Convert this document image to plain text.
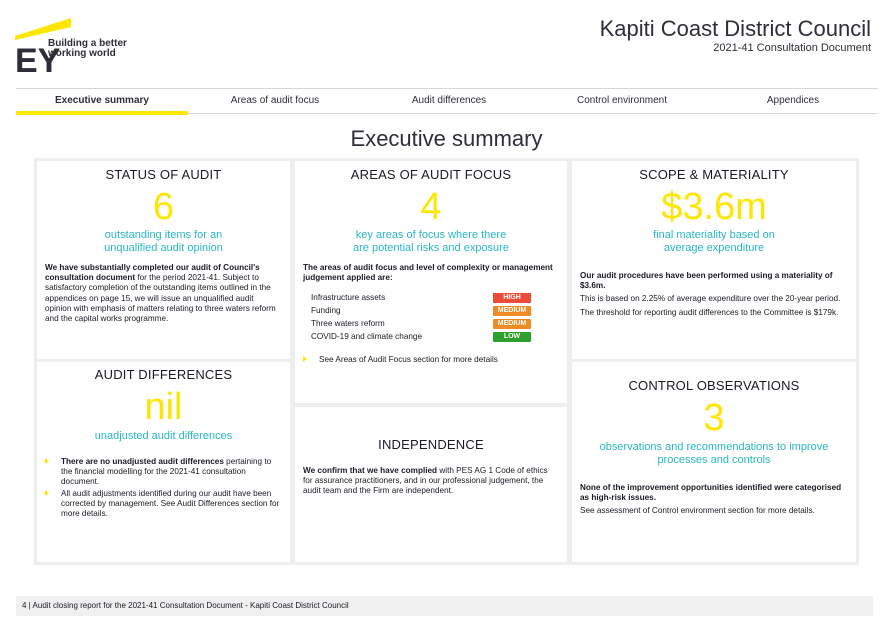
EY
Building a better
working world
Kapiti Coast District Council
2021-41 Consultation Document
Executive summary	Areas of audit focus	Audit differences	Control environment	Appendices
Executive summary
STATUS OF AUDIT
6
outstanding items for an
unqualified audit opinion
We have substantially completed our audit of Council's consultation document for the period 2021-41. Subject to satisfactory completion of the outstanding items outlined in the appendices on page 15, we will issue an unqualified audit opinion with emphasis of matters relating to three waters reform and the capital works programme.
AREAS OF AUDIT FOCUS
4
key areas of focus where there
are potential risks and exposure
The areas of audit focus and level of complexity or management judgement applied are:
Infrastructure assets	HIGH
Funding	MEDIUM
Three waters reform	MEDIUM
COVID-19 and climate change	LOW
See Areas of Audit Focus section for more details
SCOPE & MATERIALITY
$3.6m
final materiality based on
average expenditure
Our audit procedures have been performed using a materiality of $3.6m.
This is based on 2.25% of average expenditure over the 20-year period.
The threshold for reporting audit differences to the Committee is $179k.
AUDIT DIFFERENCES
nil
unadjusted audit differences
There are no unadjusted audit differences pertaining to the financial modelling for the 2021-41 consultation document.
All audit adjustments identified during our audit have been corrected by management. See Audit Differences section for more details.
INDEPENDENCE
We confirm that we have complied with PES AG 1 Code of ethics for assurance practitioners, and in our professional judgement, the audit team and the Firm are independent.
CONTROL OBSERVATIONS
3
observations and recommendations to improve
processes and controls
None of the improvement opportunities identified were categorised as high-risk issues.
See assessment of Control environment section for more details.
4 | Audit closing report for the 2021-41 Consultation Document - Kapiti Coast District Council
